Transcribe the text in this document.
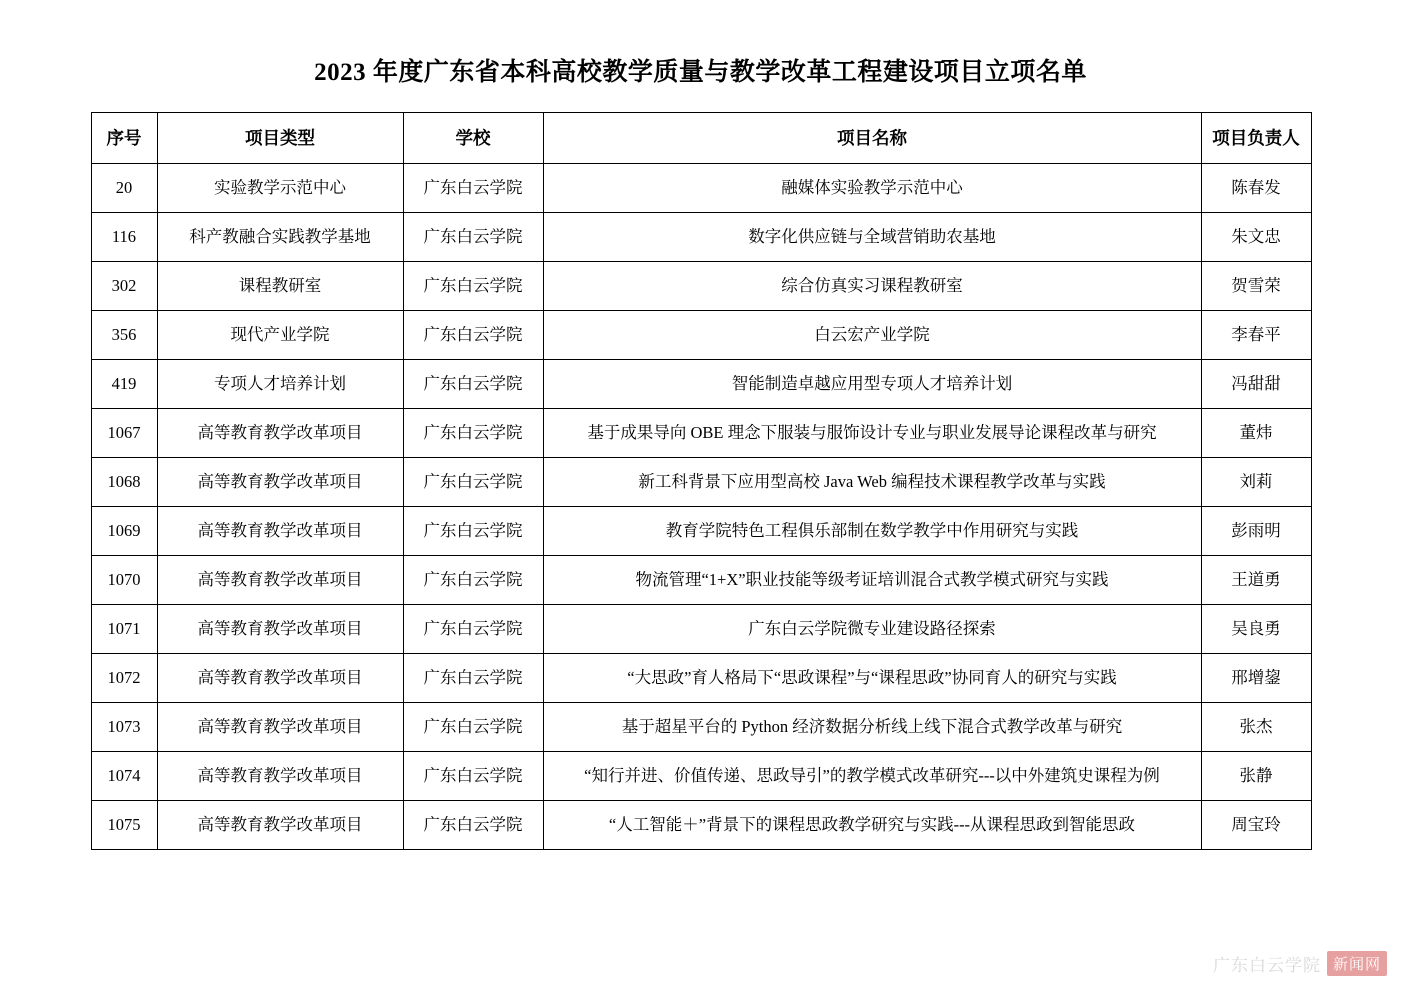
2023 年度广东省本科高校教学质量与教学改革工程建设项目立项名单
序号	项目类型	学校	项目名称	项目负责人
20	实验教学示范中心	广东白云学院	融媒体实验教学示范中心	陈春发
116	科产教融合实践教学基地	广东白云学院	数字化供应链与全域营销助农基地	朱文忠
302	课程教研室	广东白云学院	综合仿真实习课程教研室	贺雪荣
356	现代产业学院	广东白云学院	白云宏产业学院	李春平
419	专项人才培养计划	广东白云学院	智能制造卓越应用型专项人才培养计划	冯甜甜
1067	高等教育教学改革项目	广东白云学院	基于成果导向 OBE 理念下服装与服饰设计专业与职业发展导论课程改革与研究	董炜
1068	高等教育教学改革项目	广东白云学院	新工科背景下应用型高校 Java Web 编程技术课程教学改革与实践	刘莉
1069	高等教育教学改革项目	广东白云学院	教育学院特色工程俱乐部制在数学教学中作用研究与实践	彭雨明
1070	高等教育教学改革项目	广东白云学院	物流管理“1+X”职业技能等级考证培训混合式教学模式研究与实践	王道勇
1071	高等教育教学改革项目	广东白云学院	广东白云学院微专业建设路径探索	吴良勇
1072	高等教育教学改革项目	广东白云学院	“大思政”育人格局下“思政课程”与“课程思政”协同育人的研究与实践	邢增鋆
1073	高等教育教学改革项目	广东白云学院	基于超星平台的 Python 经济数据分析线上线下混合式教学改革与研究	张杰
1074	高等教育教学改革项目	广东白云学院	“知行并进、价值传递、思政导引”的教学模式改革研究---以中外建筑史课程为例	张静
1075	高等教育教学改革项目	广东白云学院	“人工智能＋”背景下的课程思政教学研究与实践---从课程思政到智能思政	周宝玲
广东白云学院 新闻网
